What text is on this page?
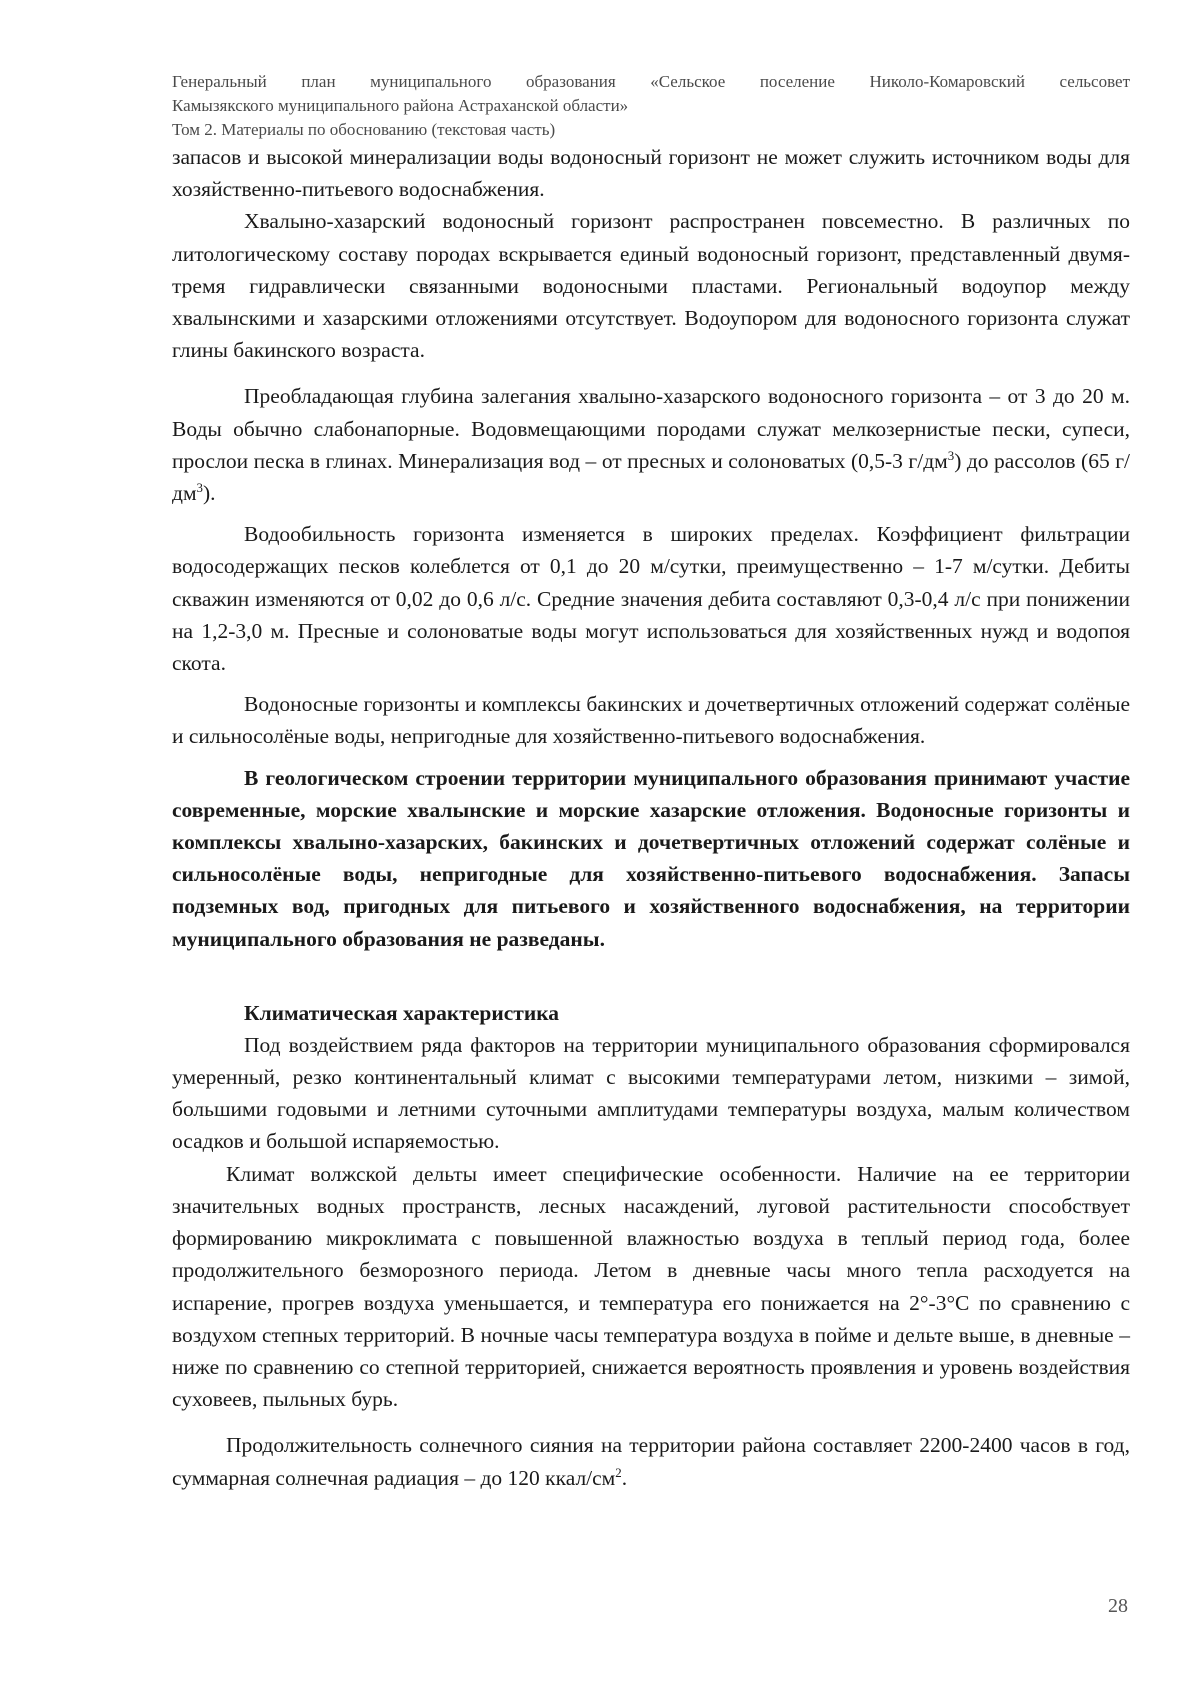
Генеральный план муниципального образования «Сельское поселение Николо-Комаровский сельсовет
Камызякского муниципального района Астраханской области»
Том 2. Материалы по обоснованию (текстовая часть)

запасов и высокой минерализации воды водоносный горизонт не может служить источником воды для хозяйственно-питьевого водоснабжения.

Хвалыно-хазарский водоносный горизонт распространен повсеместно. В различных по литологическому составу породах вскрывается единый водоносный горизонт, представленный двумя-тремя гидравлически связанными водоносными пластами. Региональный водоупор между хвалынскими и хазарскими отложениями отсутствует. Водоупором для водоносного горизонта служат глины бакинского возраста.

Преобладающая глубина залегания хвалыно-хазарского водоносного горизонта – от 3 до 20 м. Воды обычно слабонапорные. Водовмещающими породами служат мелкозернистые пески, супеси, прослои песка в глинах. Минерализация вод – от пресных и солоноватых (0,5-3 $г/дм^3$) до рассолов (65 $г/дм^3$).

Водообильность горизонта изменяется в широких пределах. Коэффициент фильтрации водосодержащих песков колеблется от 0,1 до 20 м/сутки, преимущественно – 1-7 м/сутки. Дебиты скважин изменяются от 0,02 до 0,6 л/с. Средние значения дебита составляют 0,3-0,4 л/с при понижении на 1,2-3,0 м. Пресные и солоноватые воды могут использоваться для хозяйственных нужд и водопоя скота.

Водоносные горизонты и комплексы бакинских и дочетвертичных отложений содержат солёные и сильносолёные воды, непригодные для хозяйственно-питьевого водоснабжения.

В геологическом строении территории муниципального образования принимают участие современные, морские хвалынские и морские хазарские отложения. Водоносные горизонты и комплексы хвалыно-хазарских, бакинских и дочетвертичных отложений содержат солёные и сильносолёные воды, непригодные для хозяйственно-питьевого водоснабжения. Запасы подземных вод, пригодных для питьевого и хозяйственного водоснабжения, на территории муниципального образования не разведаны.

Климатическая характеристика

Под воздействием ряда факторов на территории муниципального образования сформировался умеренный, резко континентальный климат с высокими температурами летом, низкими – зимой, большими годовыми и летними суточными амплитудами температуры воздуха, малым количеством осадков и большой испаряемостью.

Климат волжской дельты имеет специфические особенности. Наличие на ее территории значительных водных пространств, лесных насаждений, луговой растительности способствует формированию микроклимата с повышенной влажностью воздуха в теплый период года, более продолжительного безморозного периода. Летом в дневные часы много тепла расходуется на испарение, прогрев воздуха уменьшается, и температура его понижается на 2°-3°С по сравнению с воздухом степных территорий. В ночные часы температура воздуха в пойме и дельте выше, в дневные – ниже по сравнению со степной территорией, снижается вероятность проявления и уровень воздействия суховеев, пыльных бурь.

Продолжительность солнечного сияния на территории района составляет 2200-2400 часов в год, суммарная солнечная радиация – до 120 ккал/$см^2$.

28
